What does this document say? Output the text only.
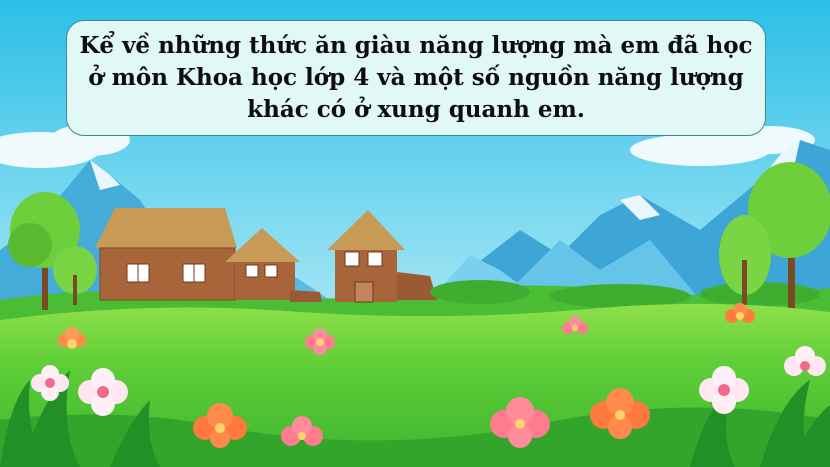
Kể về những thức ăn giàu năng lượng mà em đã học
ở môn Khoa học lớp 4 và một số nguồn năng lượng
khác có ở xung quanh em.
